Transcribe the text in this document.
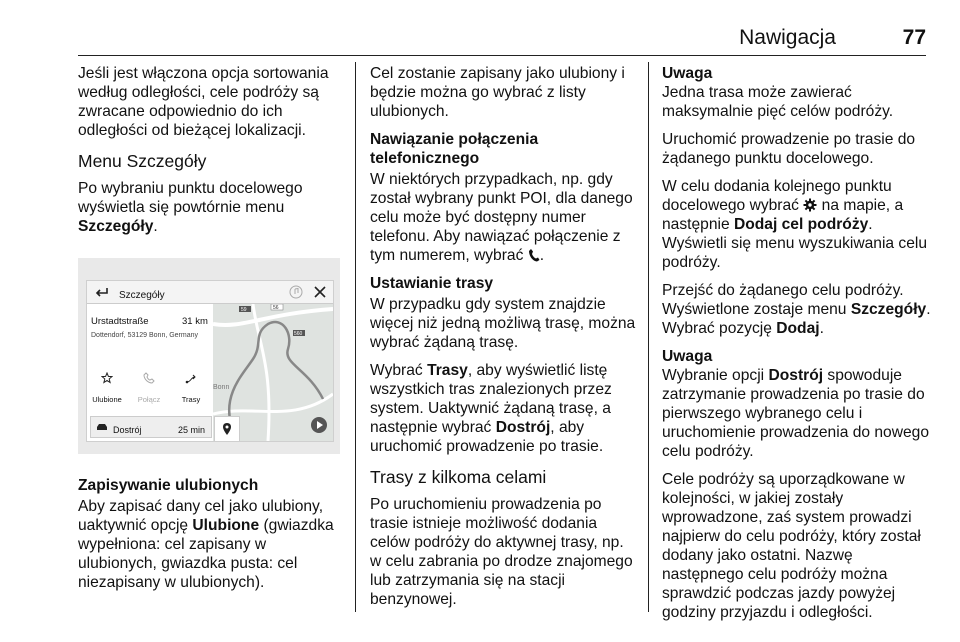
Nawigacja	77

Jeśli jest włączona opcja sortowania według odległości, cele podróży są zwracane odpowiednio do ich odległości od bieżącej lokalizacji.

Menu Szczegóły

Po wybraniu punktu docelowego wyświetla się powtórnie menu Szczegóły.

Szczegóły
Urstadtstraße	31 km
Dottendorf, 53129 Bonn, Germany
Ulubione	Połącz	Trasy
Dostrój	25 min
59	56
560
Bonn
Zapisywanie ulubionych

Aby zapisać dany cel jako ulubiony, uaktywnić opcję Ulubione (gwiazdka wypełniona: cel zapisany w ulubionych, gwiazdka pusta: cel niezapisany w ulubionych).

Cel zostanie zapisany jako ulubiony i będzie można go wybrać z listy ulubionych.

Nawiązanie połączenia telefonicznego

W niektórych przypadkach, np. gdy został wybrany punkt POI, dla danego celu może być dostępny numer telefonu. Aby nawiązać połączenie z tym numerem, wybrać .

Ustawianie trasy

W przypadku gdy system znajdzie więcej niż jedną możliwą trasę, można wybrać żądaną trasę.

Wybrać Trasy, aby wyświetlić listę wszystkich tras znalezionych przez system. Uaktywnić żądaną trasę, a następnie wybrać Dostrój, aby uruchomić prowadzenie po trasie.

Trasy z kilkoma celami

Po uruchomieniu prowadzenia po trasie istnieje możliwość dodania celów podróży do aktywnej trasy, np. w celu zabrania po drodze znajomego lub zatrzymania się na stacji benzynowej.

Uwaga
Jedna trasa może zawierać maksymalnie pięć celów podróży.

Uruchomić prowadzenie po trasie do żądanego punktu docelowego.

W celu dodania kolejnego punktu docelowego wybrać na mapie, a następnie Dodaj cel podróży. Wyświetli się menu wyszukiwania celu podróży.

Przejść do żądanego celu podróży. Wyświetlone zostaje menu Szczegóły. Wybrać pozycję Dodaj.

Uwaga
Wybranie opcji Dostrój spowoduje zatrzymanie prowadzenia po trasie do pierwszego wybranego celu i uruchomienie prowadzenia do nowego celu podróży.

Cele podróży są uporządkowane w kolejności, w jakiej zostały wprowadzone, zaś system prowadzi najpierw do celu podróży, który został dodany jako ostatni. Nazwę następnego celu podróży można sprawdzić podczas jazdy powyżej godziny przyjazdu i odległości.
